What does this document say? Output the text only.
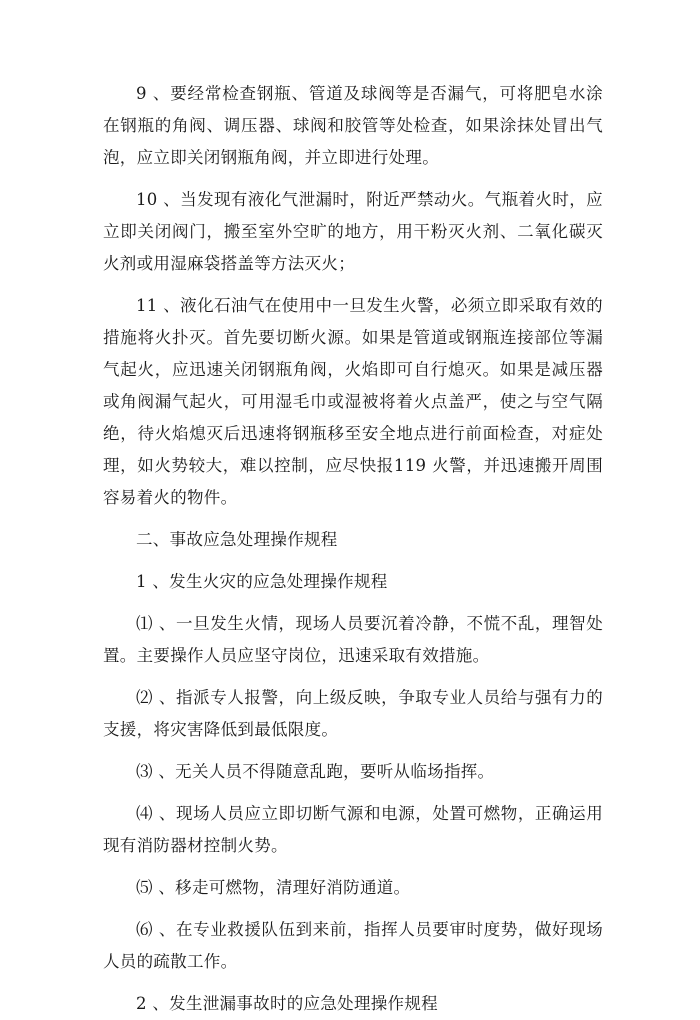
9 、要经常检查钢瓶、管道及球阀等是否漏气，可将肥皂水涂在钢瓶的角阀、调压器、球阀和胶管等处检查，如果涂抹处冒出气泡，应立即关闭钢瓶角阀，并立即进行处理。

10 、当发现有液化气泄漏时，附近严禁动火。气瓶着火时，应立即关闭阀门，搬至室外空旷的地方，用干粉灭火剂、二氧化碳灭火剂或用湿麻袋搭盖等方法灭火；

11 、液化石油气在使用中一旦发生火警，必须立即采取有效的措施将火扑灭。首先要切断火源。如果是管道或钢瓶连接部位等漏气起火，应迅速关闭钢瓶角阀，火焰即可自行熄灭。如果是减压器或角阀漏气起火，可用湿毛巾或湿被将着火点盖严，使之与空气隔绝，待火焰熄灭后迅速将钢瓶移至安全地点进行前面检查，对症处理，如火势较大，难以控制，应尽快报119 火警，并迅速搬开周围容易着火的物件。

二、事故应急处理操作规程

1 、发生火灾的应急处理操作规程

⑴ 、一旦发生火情，现场人员要沉着冷静，不慌不乱，理智处置。主要操作人员应坚守岗位，迅速采取有效措施。

⑵ 、指派专人报警，向上级反映，争取专业人员给与强有力的支援，将灾害降低到最低限度。

⑶ 、无关人员不得随意乱跑，要听从临场指挥。

⑷ 、现场人员应立即切断气源和电源，处置可燃物，正确运用现有消防器材控制火势。

⑸ 、移走可燃物，清理好消防通道。

⑹ 、在专业救援队伍到来前，指挥人员要审时度势，做好现场人员的疏散工作。

2 、发生泄漏事故时的应急处理操作规程
